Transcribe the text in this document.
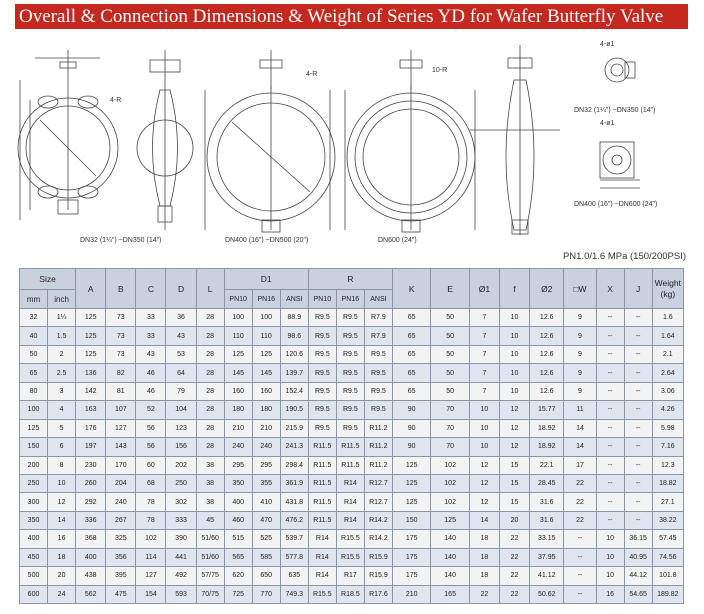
Overall & Connection Dimensions & Weight of Series YD for Wafer Butterfly Valve
4-R
4-R
10-R
4-ø1
4-ø1
DN32 (1¼") ~DN350 (14")	DN400 (16") ~DN500 (20")	DN600 (24")
DN32 (1¼") ~DN350 (14")
DN400 (16") ~DN600 (24")
PN1.0/1.6 MPa (150/200PSI)
Size		A	B	C	D	L	D1			R			K	E	Ø1	f	Ø2	□W	X	J	Weight
(kg)
mm	inch						PN10	PN16	ANSI	PN10	PN16	ANSI									
32	1¼	125	73	33	36	28	100	100	88.9	R9.5	R9.5	R7.9	65	50	7	10	12.6	9	--	--	1.6
40	1.5	125	73	33	43	28	110	110	98.6	R9.5	R9.5	R7.9	65	50	7	10	12.6	9	--	--	1.64
50	2	125	73	43	53	28	125	125	120.6	R9.5	R9.5	R9.5	65	50	7	10	12.6	9	--	--	2.1
65	2.5	136	82	46	64	28	145	145	139.7	R9.5	R9.5	R9.5	65	50	7	10	12.6	9	--	--	2.64
80	3	142	81	46	79	28	160	160	152.4	R9.5	R9.5	R9.5	65	50	7	10	12.6	9	--	--	3.06
100	4	163	107	52	104	28	180	180	190.5	R9.5	R9.5	R9.5	90	70	10	12	15.77	11	--	--	4.26
125	5	176	127	56	123	28	210	210	215.9	R9.5	R9.5	R11.2	90	70	10	12	18.92	14	--	--	5.98
150	6	197	143	56	156	28	240	240	241.3	R11.5	R11.5	R11.2	90	70	10	12	18.92	14	--	--	7.16
200	8	230	170	60	202	38	295	295	298.4	R11.5	R11.5	R11.2	125	102	12	15	22.1	17	--	--	12.3
250	10	260	204	68	250	38	350	355	361.9	R11.5	R14	R12.7	125	102	12	15	28.45	22	--	--	18.82
300	12	292	240	78	302	38	400	410	431.8	R11.5	R14	R12.7	125	102	12	15	31.6	22	--	--	27.1
350	14	336	267	78	333	45	460	470	476.2	R11.5	R14	R14.2	150	125	14	20	31.6	22	--	--	38.22
400	16	368	325	102	390	51/60	515	525	539.7	R14	R15.5	R14.2	175	140	18	22	33.15	--	10	36.15	57.45
450	18	400	356	114	441	51/60	565	585	577.8	R14	R15.5	R15.9	175	140	18	22	37.95	--	10	40.95	74.56
500	20	438	395	127	492	57/75	620	650	635	R14	R17	R15.9	175	140	18	22	41.12	--	10	44.12	101.8
600	24	562	475	154	593	70/75	725	770	749.3	R15.5	R18.5	R17.6	210	165	22	22	50.62	--	16	54.65	189.82
